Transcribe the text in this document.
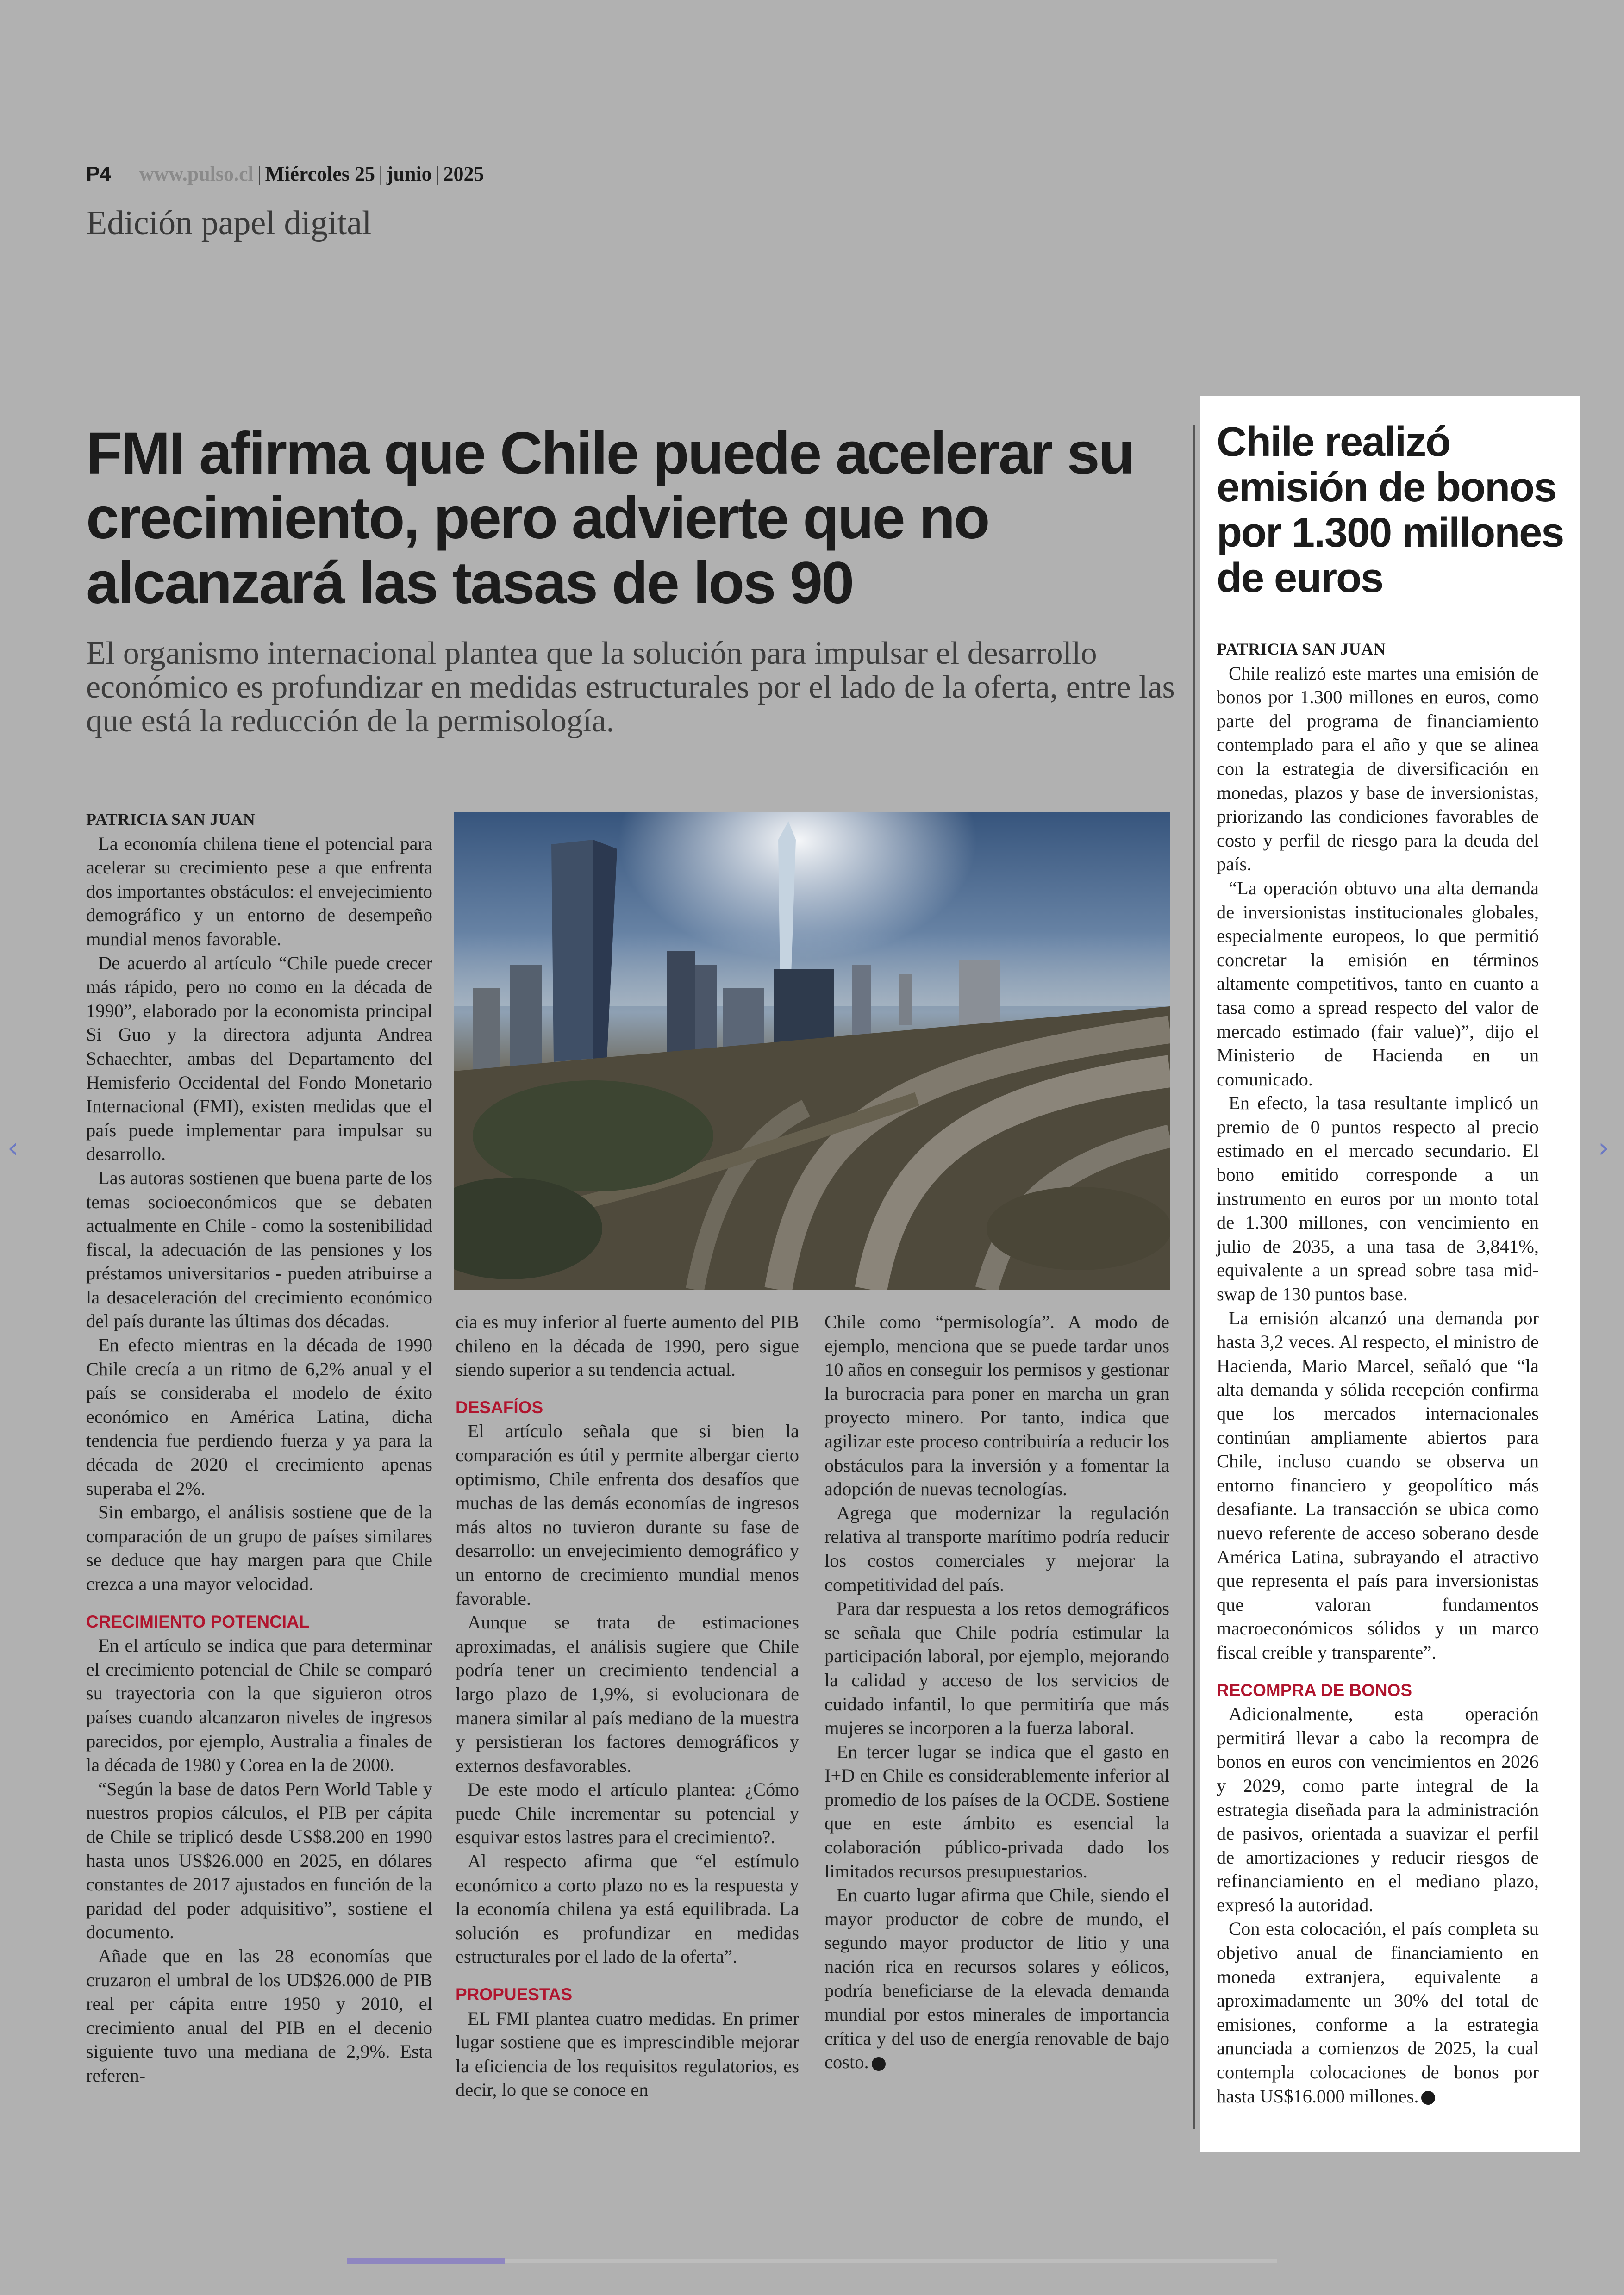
P4 www.pulso.cl | Miércoles 25 | junio | 2025
Edición papel digital
FMI afirma que Chile puede acelerar su crecimiento, pero advierte que no alcanzará las tasas de los 90
El organismo internacional plantea que la solución para impulsar el desarrollo económico es profundizar en medidas estructurales por el lado de la oferta, entre las que está la reducción de la permisología.

PATRICIA SAN JUAN

La economía chilena tiene el potencial para acelerar su crecimiento pese a que enfrenta dos importantes obstáculos: el envejecimiento demográfico y un entorno de desempeño mundial menos favorable.

De acuerdo al artículo “Chile puede crecer más rápido, pero no como en la década de 1990”, elaborado por la economista principal Si Guo y la directora adjunta Andrea Schaechter, ambas del Departamento del Hemisferio Occidental del Fondo Monetario Internacional (FMI), existen medidas que el país puede implementar para impulsar su desarrollo.

Las autoras sostienen que buena parte de los temas socioeconómicos que se debaten actualmente en Chile - como la sostenibilidad fiscal, la adecuación de las pensiones y los préstamos universitarios - pueden atribuirse a la desaceleración del crecimiento económico del país durante las últimas dos décadas.

En efecto mientras en la década de 1990 Chile crecía a un ritmo de 6,2% anual y el país se consideraba el modelo de éxito económico en América Latina, dicha tendencia fue perdiendo fuerza y ya para la década de 2020 el crecimiento apenas superaba el 2%.

Sin embargo, el análisis sostiene que de la comparación de un grupo de países similares se deduce que hay margen para que Chile crezca a una mayor velocidad.

CRECIMIENTO POTENCIAL

En el artículo se indica que para determinar el crecimiento potencial de Chile se comparó su trayectoria con la que siguieron otros países cuando alcanzaron niveles de ingresos parecidos, por ejemplo, Australia a finales de la década de 1980 y Corea en la de 2000.

“Según la base de datos Pern World Table y nuestros propios cálculos, el PIB per cápita de Chile se triplicó desde US$8.200 en 1990 hasta unos US$26.000 en 2025, en dólares constantes de 2017 ajustados en función de la paridad del poder adquisitivo”, sostiene el documento.

Añade que en las 28 economías que cruzaron el umbral de los UD$26.000 de PIB real per cápita entre 1950 y 2010, el crecimiento anual del PIB en el decenio siguiente tuvo una mediana de 2,9%. Esta referen-

cia es muy inferior al fuerte aumento del PIB chileno en la década de 1990, pero sigue siendo superior a su tendencia actual.

DESAFÍOS

El artículo señala que si bien la comparación es útil y permite albergar cierto optimismo, Chile enfrenta dos desafíos que muchas de las demás economías de ingresos más altos no tuvieron durante su fase de desarrollo: un envejecimiento demográfico y un entorno de crecimiento mundial menos favorable.

Aunque se trata de estimaciones aproximadas, el análisis sugiere que Chile podría tener un crecimiento tendencial a largo plazo de 1,9%, si evolucionara de manera similar al país mediano de la muestra y persistieran los factores demográficos y externos desfavorables.

De este modo el artículo plantea: ¿Cómo puede Chile incrementar su potencial y esquivar estos lastres para el crecimiento?.

Al respecto afirma que “el estímulo económico a corto plazo no es la respuesta y la economía chilena ya está equilibrada. La solución es profundizar en medidas estructurales por el lado de la oferta”.

PROPUESTAS

EL FMI plantea cuatro medidas. En primer lugar sostiene que es imprescindible mejorar la eficiencia de los requisitos regulatorios, es decir, lo que se conoce en

Chile como “permisología”. A modo de ejemplo, menciona que se puede tardar unos 10 años en conseguir los permisos y gestionar la burocracia para poner en marcha un gran proyecto minero. Por tanto, indica que agilizar este proceso contribuiría a reducir los obstáculos para la inversión y a fomentar la adopción de nuevas tecnologías.

Agrega que modernizar la regulación relativa al transporte marítimo podría reducir los costos comerciales y mejorar la competitividad del país.

Para dar respuesta a los retos demográficos se señala que Chile podría estimular la participación laboral, por ejemplo, mejorando la calidad y acceso de los servicios de cuidado infantil, lo que permitiría que más mujeres se incorporen a la fuerza laboral.

En tercer lugar se indica que el gasto en I+D en Chile es considerablemente inferior al promedio de los países de la OCDE. Sostiene que en este ámbito es esencial la colaboración público-privada dado los limitados recursos presupuestarios.

En cuarto lugar afirma que Chile, siendo el mayor productor de cobre de mundo, el segundo mayor productor de litio y una nación rica en recursos solares y eólicos, podría beneficiarse de la elevada demanda mundial por estos minerales de importancia crítica y del uso de energía renovable de bajo costo.

Chile realizó emisión de bonos por 1.300 millones de euros

PATRICIA SAN JUAN

Chile realizó este martes una emisión de bonos por 1.300 millones en euros, como parte del programa de financiamiento contemplado para el año y que se alinea con la estrategia de diversificación en monedas, plazos y base de inversionistas, priorizando las condiciones favorables de costo y perfil de riesgo para la deuda del país.

“La operación obtuvo una alta demanda de inversionistas institucionales globales, especialmente europeos, lo que permitió concretar la emisión en términos altamente competitivos, tanto en cuanto a tasa como a spread respecto del valor de mercado estimado (fair value)”, dijo el Ministerio de Hacienda en un comunicado.

En efecto, la tasa resultante implicó un premio de 0 puntos respecto al precio estimado en el mercado secundario. El bono emitido corresponde a un instrumento en euros por un monto total de 1.300 millones, con vencimiento en julio de 2035, a una tasa de 3,841%, equivalente a un spread sobre tasa mid-swap de 130 puntos base.

La emisión alcanzó una demanda por hasta 3,2 veces. Al respecto, el ministro de Hacienda, Mario Marcel, señaló que “la alta demanda y sólida recepción confirma que los mercados internacionales continúan ampliamente abiertos para Chile, incluso cuando se observa un entorno financiero y geopolítico más desafiante. La transacción se ubica como nuevo referente de acceso soberano desde América Latina, subrayando el atractivo que representa el país para inversionistas que valoran fundamentos macroeconómicos sólidos y un marco fiscal creíble y transparente”.

RECOMPRA DE BONOS

Adicionalmente, esta operación permitirá llevar a cabo la recompra de bonos en euros con vencimientos en 2026 y 2029, como parte integral de la estrategia diseñada para la administración de pasivos, orientada a suavizar el perfil de amortizaciones y reducir riesgos de refinanciamiento en el mediano plazo, expresó la autoridad.

Con esta colocación, el país completa su objetivo anual de financiamiento en moneda extranjera, equivalente a aproximadamente un 30% del total de emisiones, conforme a la estrategia anunciada a comienzos de 2025, la cual contempla colocaciones de bonos por hasta US$16.000 millones.

‹	›
